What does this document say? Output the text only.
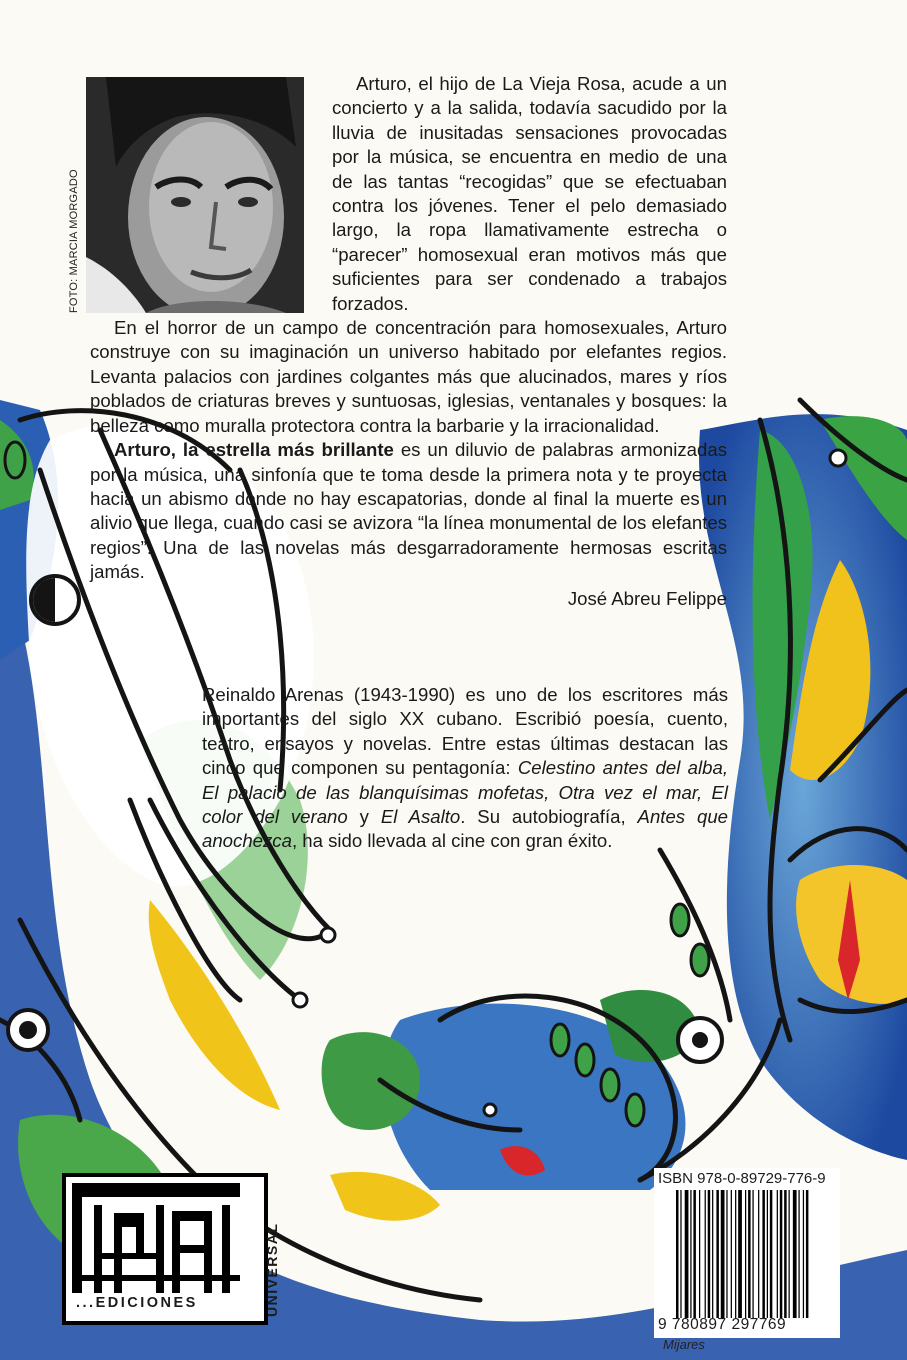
FOTO: MARCIA MORGADO

Arturo, el hijo de La Vieja Rosa, acude a un concierto y a la salida, todavía sacudido por la lluvia de inusitadas sensaciones provocadas por la música, se encuentra en medio de una de las tantas “recogidas” que se efectuaban contra los jóvenes. Tener el pelo demasiado largo, la ropa llamativamente estrecha o “parecer” homosexual eran motivos más que suficientes para ser condenado a trabajos forzados.

En el horror de un campo de concentración para homosexuales, Arturo construye con su imaginación un universo habitado por elefantes regios. Levanta palacios con jardines colgantes más que alucinados, mares y ríos poblados de criaturas breves y suntuosas, iglesias, ventanales y bosques: la belleza como muralla protectora contra la barbarie y la irracionalidad.

Arturo, la estrella más brillante es un diluvio de palabras armonizadas por la música, una sinfonía que te toma desde la primera nota y te proyecta hacia un abismo donde no hay escapatorias, donde al final la muerte es un alivio que llega, cuando casi se avizora “la línea monumental de los elefantes regios”. Una de las novelas más desgarradoramente hermosas escritas jamás.

José Abreu Felippe

Reinaldo Arenas (1943-1990) es uno de los escritores más importantes del siglo XX cubano. Escribió poesía, cuento, teatro, ensayos y novelas. Entre estas últimas destacan las cinco que componen su pentagonía: Celestino antes del alba, El palacio de las blanquísimas mofetas, Otra vez el mar, El color del verano y El Asalto. Su autobiografía, Antes que anochezca, ha sido llevada al cine con gran éxito.

...EDICIONES	UNIVERSAL
ISBN 978-0-89729-776-9
9 780897 297769
Mijares
